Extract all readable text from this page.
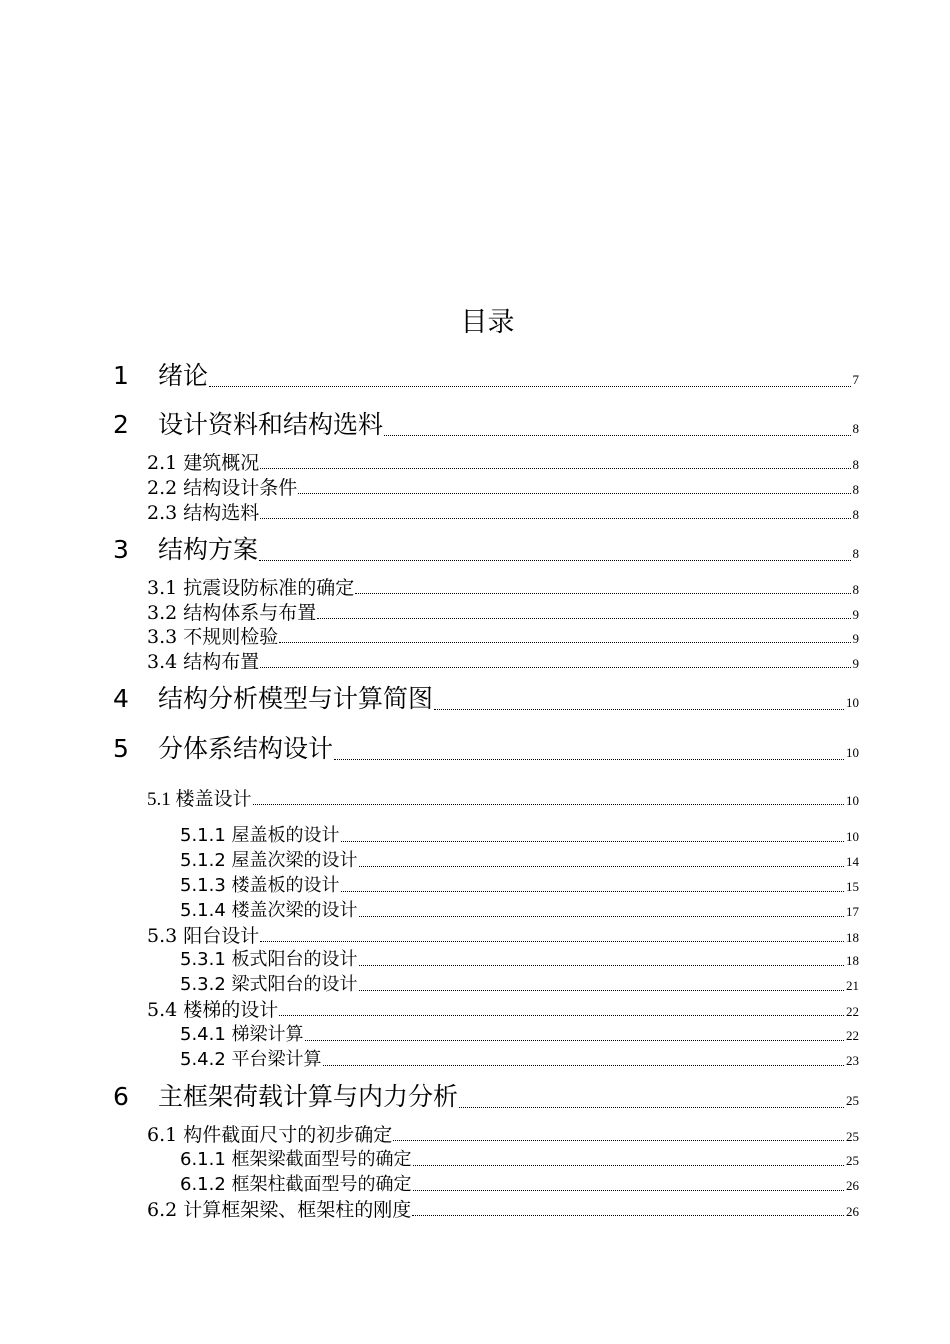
目录
1	绪论	7
2	设计资料和结构选料	8
2.1 建筑概况	8
2.2 结构设计条件	8
2.3 结构选料	8
3	结构方案	8
3.1 抗震设防标准的确定	8
3.2 结构体系与布置	9
3.3 不规则检验	9
3.4 结构布置	9
4	结构分析模型与计算简图	10
5	分体系结构设计	10
5.1 楼盖设计	10
5.1.1 屋盖板的设计	10
5.1.2 屋盖次梁的设计	14
5.1.3 楼盖板的设计	15
5.1.4 楼盖次梁的设计	17
5.3 阳台设计	18
5.3.1 板式阳台的设计	18
5.3.2 梁式阳台的设计	21
5.4 楼梯的设计	22
5.4.1 梯梁计算	22
5.4.2 平台梁计算	23
6	主框架荷载计算与内力分析	25
6.1 构件截面尺寸的初步确定	25
6.1.1 框架梁截面型号的确定	25
6.1.2 框架柱截面型号的确定	26
6.2 计算框架梁、框架柱的刚度	26
